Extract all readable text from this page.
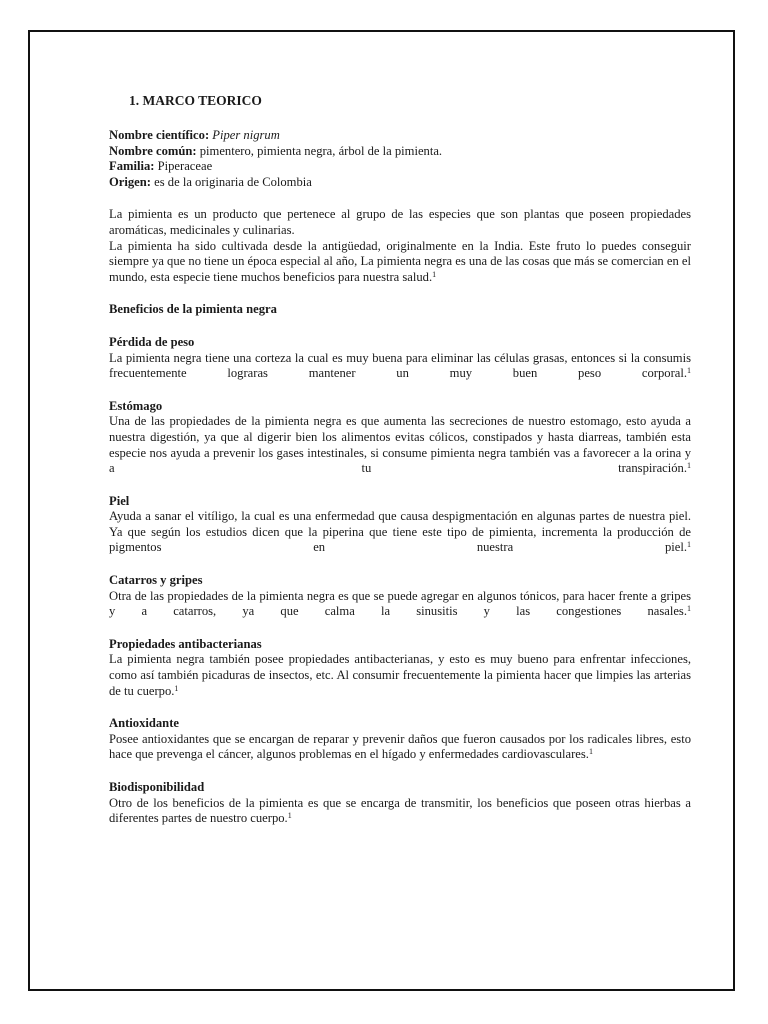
1. MARCO TEORICO

Nombre científico: Piper nigrum

Nombre común: pimentero, pimienta negra, árbol de la pimienta.

Familia: Piperaceae

Origen: es de la originaria de Colombia

La pimienta es un producto que pertenece al grupo de las especies que son plantas que poseen propiedades aromáticas, medicinales y culinarias.

La pimienta ha sido cultivada desde la antigüedad, originalmente en la India. Este fruto lo puedes conseguir siempre ya que no tiene un época especial al año, La pimienta negra es una de las cosas que más se comercian en el mundo, esta especie tiene muchos beneficios para nuestra salud.$^1$

Beneficios de la pimienta negra
Pérdida de peso

La pimienta negra tiene una corteza la cual es muy buena para eliminar las células grasas, entonces si la consumis frecuentemente lograras mantener un muy buen peso corporal.$^1$

Estómago

Una de las propiedades de la pimienta negra es que aumenta las secreciones de nuestro estomago, esto ayuda a nuestra digestión, ya que al digerir bien los alimentos evitas cólicos, constipados y hasta diarreas, también esta especie nos ayuda a prevenir los gases intestinales, si consume pimienta negra también vas a favorecer a la orina y a tu transpiración.$^1$

Piel

Ayuda a sanar el vitíligo, la cual es una enfermedad que causa despigmentación en algunas partes de nuestra piel. Ya que según los estudios dicen que la piperina que tiene este tipo de pimienta, incrementa la producción de pigmentos en nuestra piel.$^1$

Catarros y gripes

Otra de las propiedades de la pimienta negra es que se puede agregar en algunos tónicos, para hacer frente a gripes y a catarros, ya que calma la sinusitis y las congestiones nasales.$^1$

Propiedades antibacterianas

La pimienta negra también posee propiedades antibacterianas, y esto es muy bueno para enfrentar infecciones, como así también picaduras de insectos, etc. Al consumir frecuentemente la pimienta hacer que limpies las arterias de tu cuerpo.$^1$

Antioxidante

Posee antioxidantes que se encargan de reparar y prevenir daños que fueron causados por los radicales libres, esto hace que prevenga el cáncer, algunos problemas en el hígado y enfermedades cardiovasculares.$^1$

Biodisponibilidad

Otro de los beneficios de la pimienta es que se encarga de transmitir, los beneficios que poseen otras hierbas a diferentes partes de nuestro cuerpo.$^1$
